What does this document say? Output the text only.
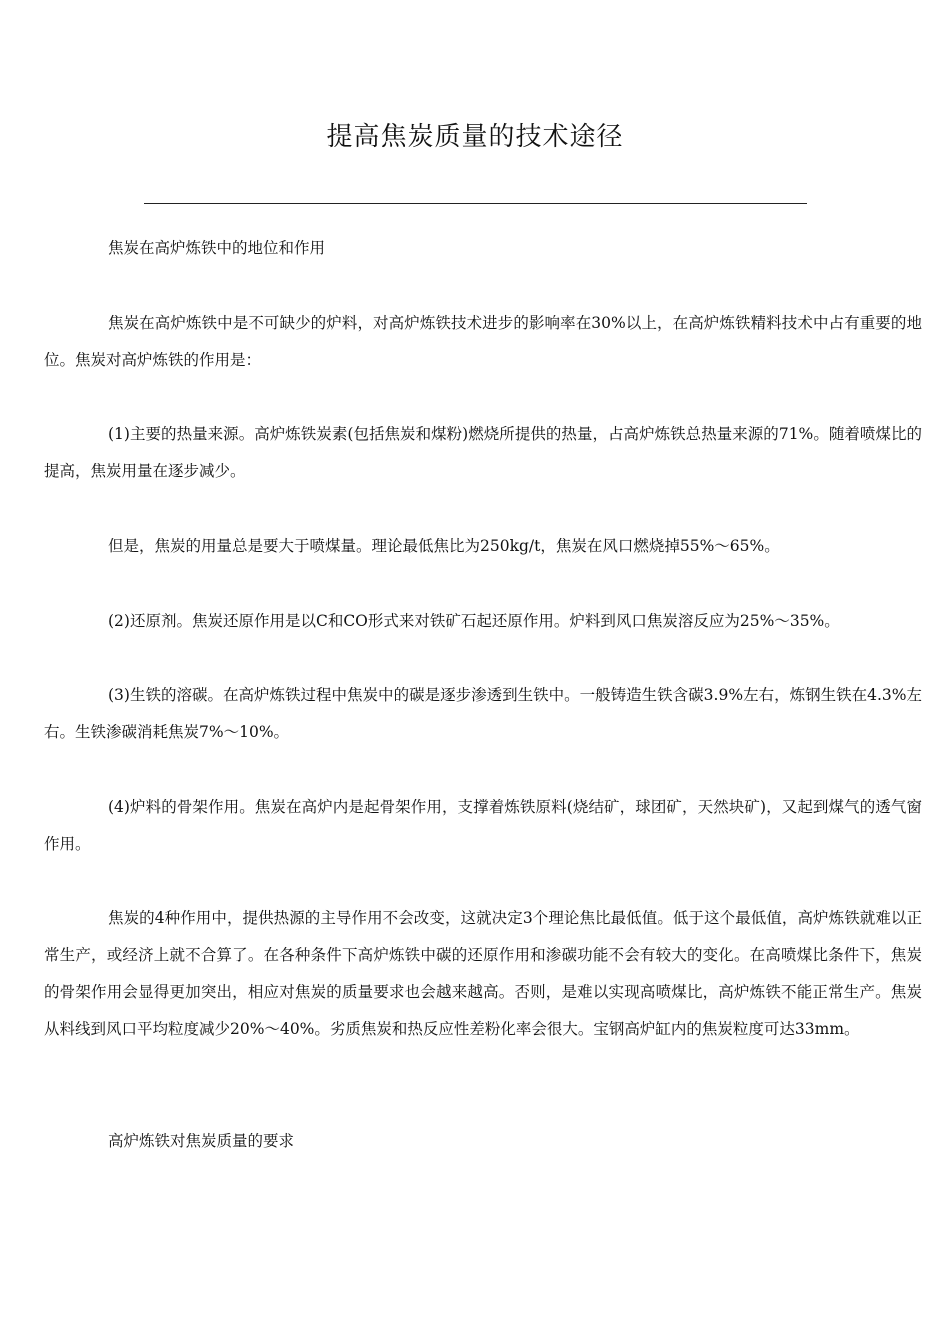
提高焦炭质量的技术途径

焦炭在高炉炼铁中的地位和作用

焦炭在高炉炼铁中是不可缺少的炉料，对高炉炼铁技术进步的影响率在30%以上，在高炉炼铁精料技术中占有重要的地位。焦炭对高炉炼铁的作用是：

(1)主要的热量来源。高炉炼铁炭素(包括焦炭和煤粉)燃烧所提供的热量，占高炉炼铁总热量来源的71%。随着喷煤比的提高，焦炭用量在逐步减少。

但是，焦炭的用量总是要大于喷煤量。理论最低焦比为250kg/t，焦炭在风口燃烧掉55%～65%。

(2)还原剂。焦炭还原作用是以C和CO形式来对铁矿石起还原作用。炉料到风口焦炭溶反应为25%～35%。

(3)生铁的溶碳。在高炉炼铁过程中焦炭中的碳是逐步渗透到生铁中。一般铸造生铁含碳3.9%左右，炼钢生铁在4.3%左右。生铁渗碳消耗焦炭7%～10%。

(4)炉料的骨架作用。焦炭在高炉内是起骨架作用，支撑着炼铁原料(烧结矿，球团矿，天然块矿)，又起到煤气的透气窗作用。

焦炭的4种作用中，提供热源的主导作用不会改变，这就决定3个理论焦比最低值。低于这个最低值，高炉炼铁就难以正常生产，或经济上就不合算了。在各种条件下高炉炼铁中碳的还原作用和渗碳功能不会有较大的变化。在高喷煤比条件下，焦炭的骨架作用会显得更加突出，相应对焦炭的质量要求也会越来越高。否则，是难以实现高喷煤比，高炉炼铁不能正常生产。焦炭从料线到风口平均粒度减少20%～40%。劣质焦炭和热反应性差粉化率会很大。宝钢高炉缸内的焦炭粒度可达33mm。

高炉炼铁对焦炭质量的要求
